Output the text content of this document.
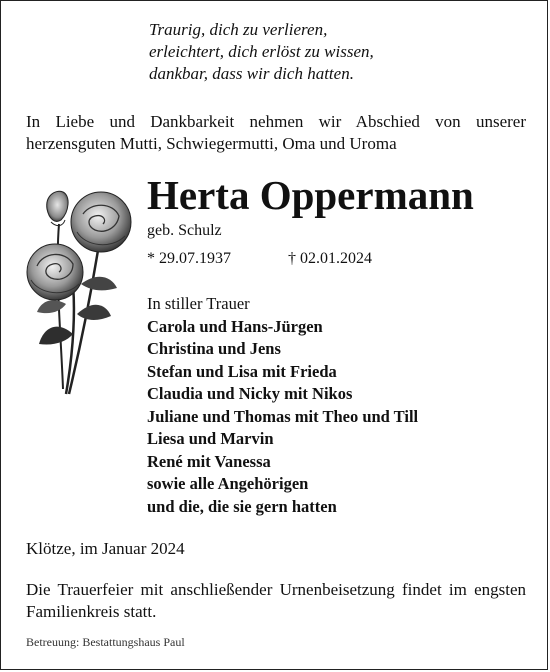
Traurig, dich zu verlieren,
erleichtert, dich erlöst zu wissen,
dankbar, dass wir dich hatten.
In Liebe und Dankbarkeit nehmen wir Abschied von unserer herzensguten Mutti, Schwiegermutti, Oma und Uroma
Herta Oppermann
geb. Schulz
* 29.07.1937	† 02.01.2024
In stiller Trauer
Carola und Hans-Jürgen
Christina und Jens
Stefan und Lisa mit Frieda
Claudia und Nicky mit Nikos
Juliane und Thomas mit Theo und Till
Liesa und Marvin
René mit Vanessa
sowie alle Angehörigen
und die, die sie gern hatten
Klötze, im Januar 2024
Die Trauerfeier mit anschließender Urnenbeisetzung findet im engsten Familienkreis statt.
Betreuung: Bestattungshaus Paul
